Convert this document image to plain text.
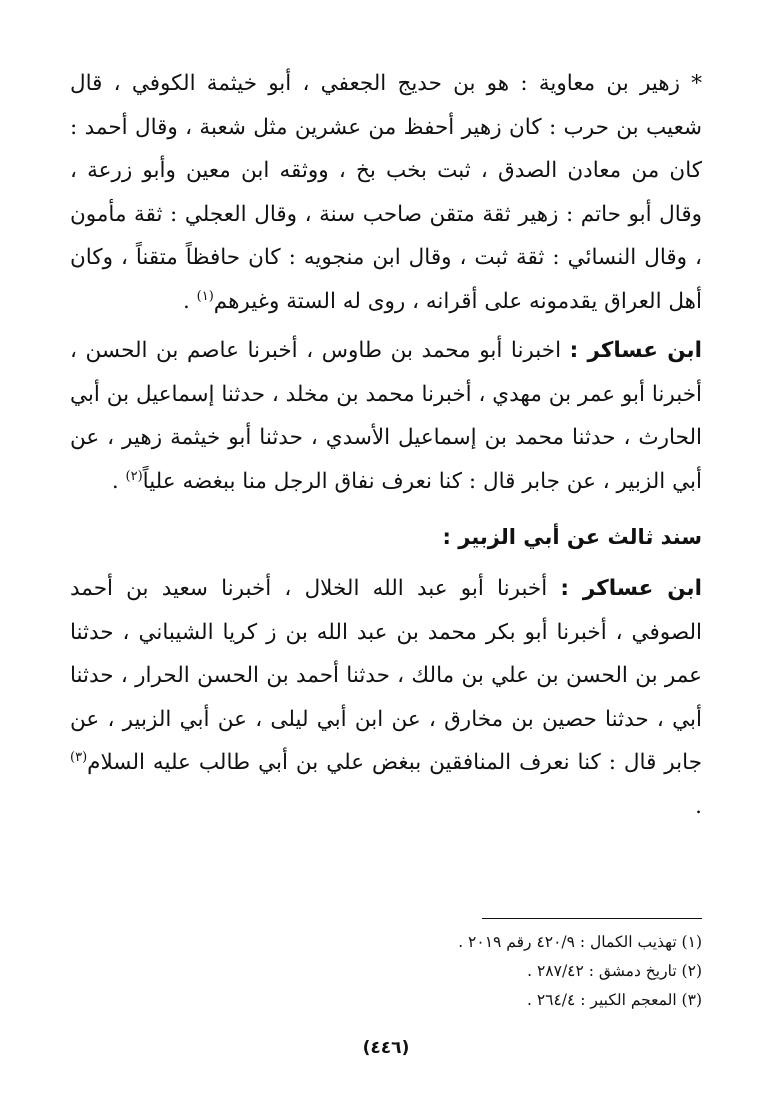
* زهير بن معاوية : هو بن حديج الجعفي ، أبو خيثمة الكوفي ، قال شعيب بن حرب : كان زهير أحفظ من عشرين مثل شعبة ، وقال أحمد : كان من معادن الصدق ، ثبت بخب بخ ، ووثقه ابن معين وأبو زرعة ، وقال أبو حاتم : زهير ثقة متقن صاحب سنة ، وقال العجلي : ثقة مأمون ، وقال النسائي : ثقة ثبت ، وقال ابن منجويه : كان حافظاً متقناً ، وكان أهل العراق يقدمونه على أقرانه ، روى له الستة وغيرهم$^{(١)}$ .

ابن عساكر : اخبرنا أبو محمد بن طاوس ، أخبرنا عاصم بن الحسن ، أخبرنا أبو عمر بن مهدي ، أخبرنا محمد بن مخلد ، حدثنا إسماعيل بن أبي الحارث ، حدثنا محمد بن إسماعيل الأسدي ، حدثنا أبو خيثمة زهير ، عن أبي الزبير ، عن جابر قال : كنا نعرف نفاق الرجل منا ببغضه علياً$^{(٢)}$ .

سند ثالث عن أبي الزبير :

ابن عساكر : أخبرنا أبو عبد الله الخلال ، أخبرنا سعيد بن أحمد الصوفي ، أخبرنا أبو بكر محمد بن عبد الله بن ز كريا الشيباني ، حدثنا عمر بن الحسن بن علي بن مالك ، حدثنا أحمد بن الحسن الحرار ، حدثنا أبي ، حدثنا حصين بن مخارق ، عن ابن أبي ليلى ، عن أبي الزبير ، عن جابر قال : كنا نعرف المنافقين ببغض علي بن أبي طالب عليه السلام$^{(٣)}$ .

(١) تهذيب الكمال : ٤٢٠/٩ رقم ٢٠١٩ .

(٢) تاريخ دمشق : ٢٨٧/٤٢ .

(٣) المعجم الكبير : ٢٦٤/٤ .

(٤٤٦)
